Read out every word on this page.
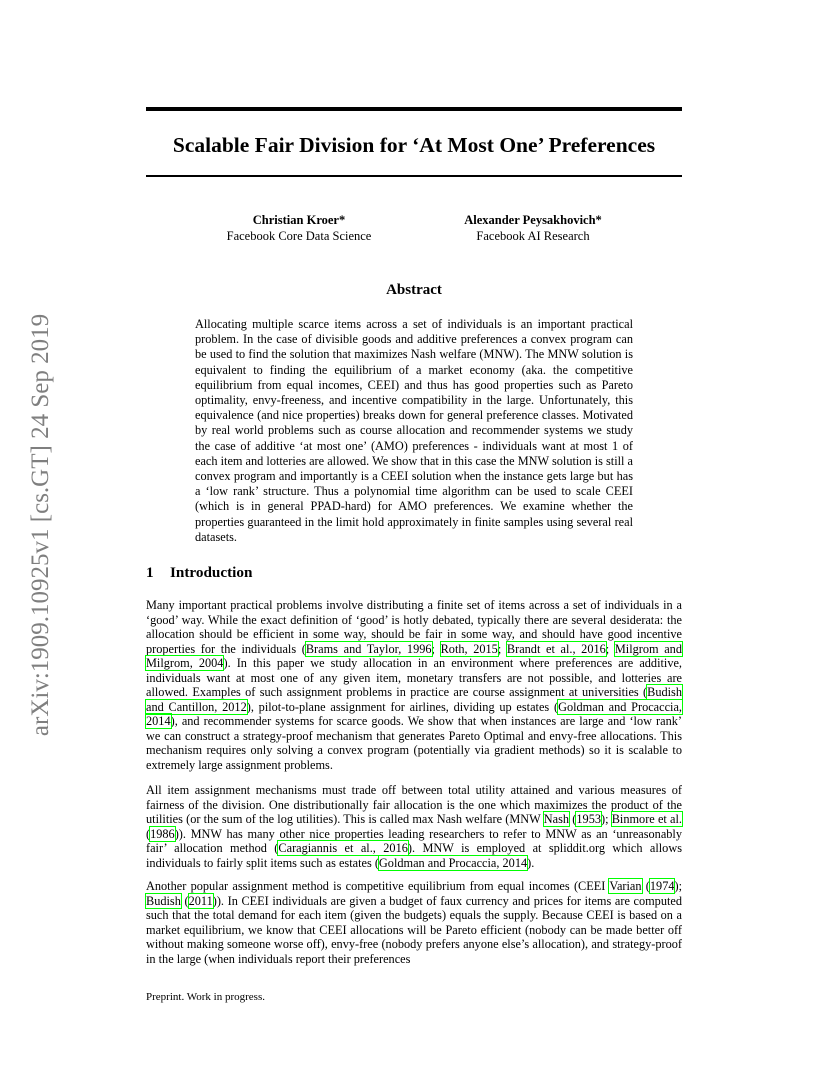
arXiv:1909.10925v1 [cs.GT] 24 Sep 2019
Scalable Fair Division for ‘At Most One’ Preferences
Christian Kroer*
Facebook Core Data Science
Alexander Peysakhovich*
Facebook AI Research
Abstract

Allocating multiple scarce items across a set of individuals is an important practical problem. In the case of divisible goods and additive preferences a convex program can be used to find the solution that maximizes Nash welfare (MNW). The MNW solution is equivalent to finding the equilibrium of a market economy (aka. the competitive equilibrium from equal incomes, CEEI) and thus has good properties such as Pareto optimality, envy-freeness, and incentive compatibility in the large. Unfortunately, this equivalence (and nice properties) breaks down for general preference classes. Motivated by real world problems such as course allocation and recommender systems we study the case of additive ‘at most one’ (AMO) preferences - individuals want at most 1 of each item and lotteries are allowed. We show that in this case the MNW solution is still a convex program and importantly is a CEEI solution when the instance gets large but has a ‘low rank’ structure. Thus a polynomial time algorithm can be used to scale CEEI (which is in general PPAD-hard) for AMO preferences. We examine whether the properties guaranteed in the limit hold approximately in finite samples using several real datasets.

1 Introduction

Many important practical problems involve distributing a finite set of items across a set of individuals in a ‘good’ way. While the exact definition of ‘good’ is hotly debated, typically there are several desiderata: the allocation should be efficient in some way, should be fair in some way, and should have good incentive properties for the individuals (Brams and Taylor, 1996; Roth, 2015; Brandt et al., 2016; Milgrom and Milgrom, 2004). In this paper we study allocation in an environment where preferences are additive, individuals want at most one of any given item, monetary transfers are not possible, and lotteries are allowed. Examples of such assignment problems in practice are course assignment at universities (Budish and Cantillon, 2012), pilot-to-plane assignment for airlines, dividing up estates (Goldman and Procaccia, 2014), and recommender systems for scarce goods. We show that when instances are large and ‘low rank’ we can construct a strategy-proof mechanism that generates Pareto Optimal and envy-free allocations. This mechanism requires only solving a convex program (potentially via gradient methods) so it is scalable to extremely large assignment problems.

All item assignment mechanisms must trade off between total utility attained and various measures of fairness of the division. One distributionally fair allocation is the one which maximizes the product of the utilities (or the sum of the log utilities). This is called max Nash welfare (MNW Nash (1953); Binmore et al. (1986)). MNW has many other nice properties leading researchers to refer to MNW as an ‘unreasonably fair’ allocation method (Caragiannis et al., 2016). MNW is employed at spliddit.org which allows individuals to fairly split items such as estates (Goldman and Procaccia, 2014).

Another popular assignment method is competitive equilibrium from equal incomes (CEEI Varian (1974); Budish (2011)). In CEEI individuals are given a budget of faux currency and prices for items are computed such that the total demand for each item (given the budgets) equals the supply. Because CEEI is based on a market equilibrium, we know that CEEI allocations will be Pareto efficient (nobody can be made better off without making someone worse off), envy-free (nobody prefers anyone else’s allocation), and strategy-proof in the large (when individuals report their preferences

Preprint. Work in progress.
